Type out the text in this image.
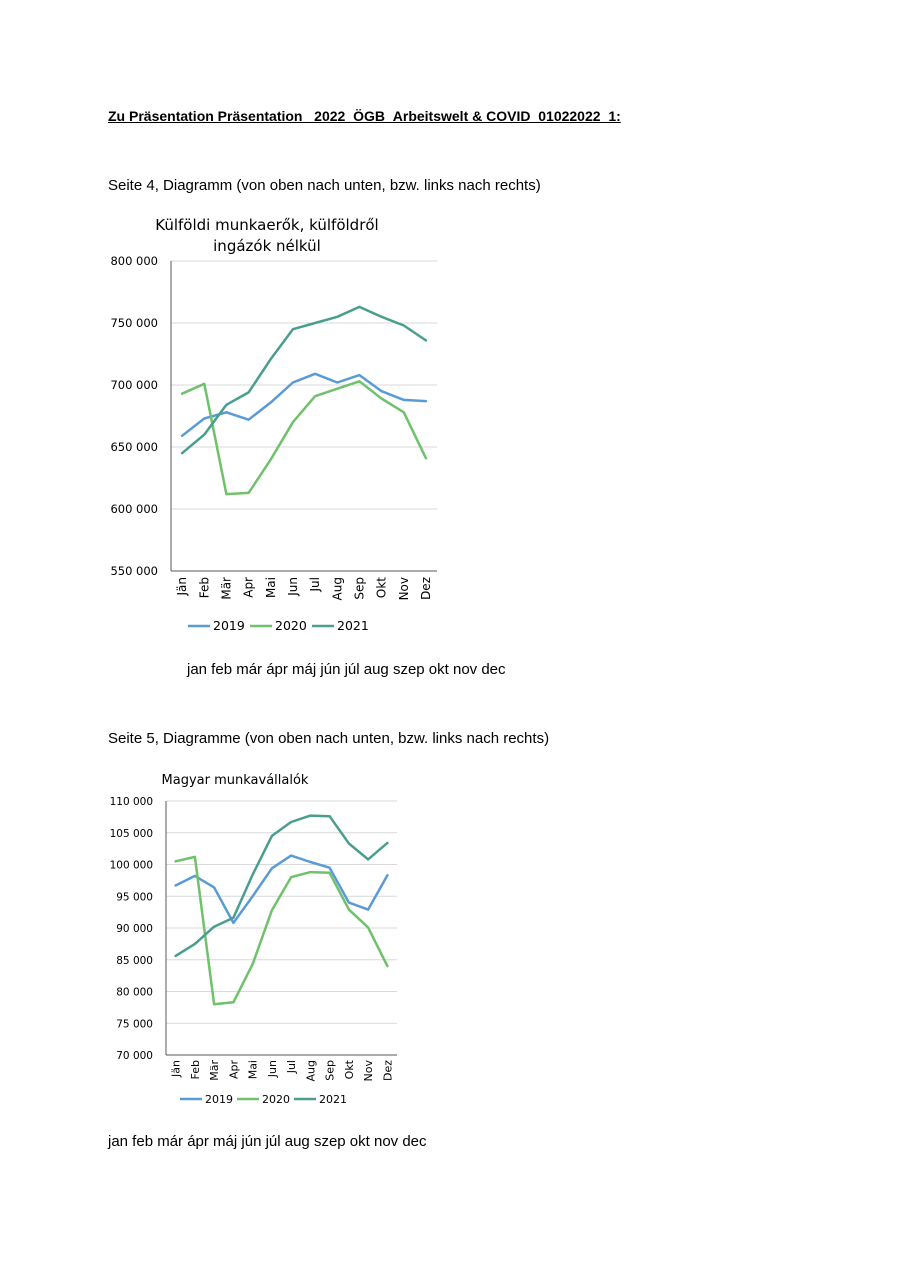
Zu Präsentation Präsentation_ 2022_ÖGB_Arbeitswelt & COVID_01022022_1:
Seite 4, Diagramm (von oben nach unten, bzw. links nach rechts)
Külföldi munkaerők, külföldről
ingázók nélkül
550 000
600 000
650 000
700 000
750 000
800 000
Jän Feb Mär Apr Mai Jun Jul Aug Sep Okt Nov Dez
2019 2020 2021
jan feb már ápr máj jún júl aug szep okt nov dec
Seite 5, Diagramme (von oben nach unten, bzw. links nach rechts)
Magyar munkavállalók
70 000
75 000
80 000
85 000
90 000
95 000
100 000
105 000
110 000
Jän Feb Mär Apr Mai Jun Jul Aug Sep Okt Nov Dez
2019	2020	2021
jan feb már ápr máj jún júl aug szep okt nov dec
